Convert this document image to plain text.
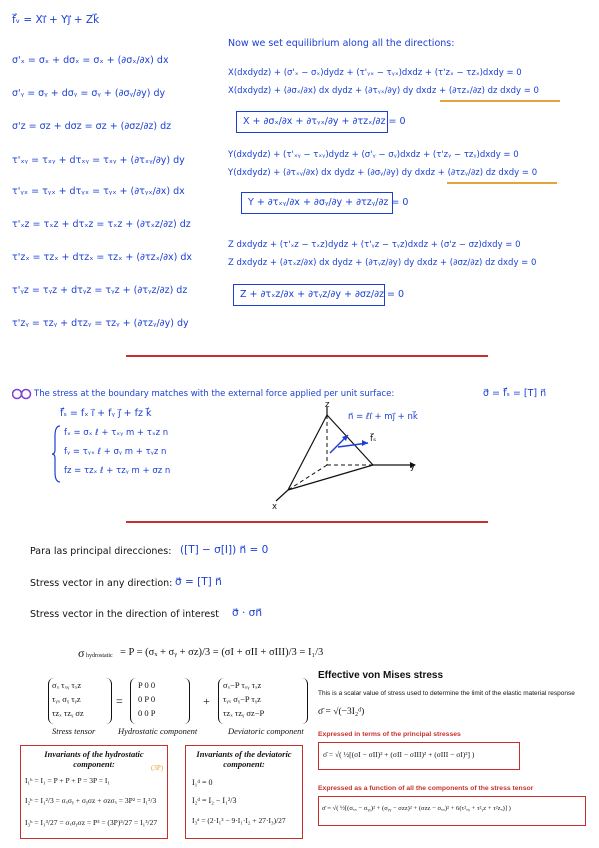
f⃗ᵥ = Xi⃗ + Yj⃗ + Zk⃗
σ'ₓ = σₓ + dσₓ = σₓ + (∂σₓ/∂x) dx
σ'ᵧ = σᵧ + dσᵧ = σᵧ + (∂σᵧ/∂y) dy
σ'z = σz + dσz = σz + (∂σz/∂z) dz
τ'ₓᵧ = τₓᵧ + dτₓᵧ = τₓᵧ + (∂τₓᵧ/∂y) dy
τ'ᵧₓ = τᵧₓ + dτᵧₓ = τᵧₓ + (∂τᵧₓ/∂x) dx
τ'ₓz = τₓz + dτₓz = τₓz + (∂τₓz/∂z) dz
τ'zₓ = τzₓ + dτzₓ = τzₓ + (∂τzₓ/∂x) dx
τ'ᵧz = τᵧz + dτᵧz = τᵧz + (∂τᵧz/∂z) dz
τ'zᵧ = τzᵧ + dτzᵧ = τzᵧ + (∂τzᵧ/∂y) dy
Now we set equilibrium along all the directions:
X(dxdydz) + (σ'ₓ − σₓ)dydz + (τ'ᵧₓ − τᵧₓ)dxdz + (τ'zₓ − τzₓ)dxdy = 0
X(dxdydz) + (∂σₓ/∂x) dx dydz + (∂τᵧₓ/∂y) dy dxdz + (∂τzₓ/∂z) dz dxdy = 0
X + ∂σₓ/∂x + ∂τᵧₓ/∂y + ∂τzₓ/∂z = 0
Y(dxdydz) + (τ'ₓᵧ − τₓᵧ)dydz + (σ'ᵧ − σᵧ)dxdz + (τ'zᵧ − τzᵧ)dxdy = 0
Y(dxdydz) + (∂τₓᵧ/∂x) dx dydz + (∂σᵧ/∂y) dy dxdz + (∂τzᵧ/∂z) dz dxdy = 0
Y + ∂τₓᵧ/∂x + ∂σᵧ/∂y + ∂τzᵧ/∂z = 0
Z dxdydz + (τ'ₓz − τₓz)dydz + (τ'ᵧz − τᵧz)dxdz + (σ'z − σz)dxdy = 0
Z dxdydz + (∂τₓz/∂x) dx dydz + (∂τᵧz/∂y) dy dxdz + (∂σz/∂z) dz dxdy = 0
Z + ∂τₓz/∂x + ∂τᵧz/∂y + ∂σz/∂z = 0
The stress at the boundary matches with the external force applied per unit surface:	σ⃗ = f⃗ₛ = [T] n⃗
f⃗ₛ = fₓ i⃗ + fᵧ j⃗ + fz k⃗
fₓ = σₓ ℓ + τₓᵧ m + τₓz n
fᵧ = τᵧₓ ℓ + σᵧ m + τᵧz n
fz = τzₓ ℓ + τzᵧ m + σz n
z
y
x
n⃗ = ℓi⃗ + mj⃗ + nk⃗
f⃗ₛ
Para las principal direcciones: ([T] − σ[I]) n⃗ = 0
Stress vector in any direction: σ⃗ = [T] n⃗
Stress vector in the direction of interest σ⃗ · σn⃗
σ hydrostatic = P = (σₓ + σᵧ + σz)/3 = (σI + σII + σIII)/3 = I₁/3
σₓ τₓᵧ τₓz
τᵧₓ σᵧ τᵧz
τzₓ τzᵧ σz
=
P 0 0
0 P 0
0 0 P
+
σₓ−P τₓᵧ τₓz
τᵧₓ σᵧ−P τᵧz
τzₓ τzᵧ σz−P
Stress tensor	Hydrostatic component	Deviatoric component
Invariants of the hydrostatic component:
I₁ʰ = I₁ = P + P + P = 3P = I₁
I₂ʰ = I₁²/3 = σₓσᵧ + σᵧσz + σzσₓ = 3P² = I₁²/3
I₃ʰ = I₁³/27 = σₓσᵧσz = P³ = (3P)³/27 = I₁³/27
(3P)
Invariants of the deviatoric component:
I₁ᵈ = 0
I₂ᵈ = I₂ − I₁²/3
I₃ᵈ = (2·I₁³ − 9·I₁·I₂ + 27·I₃)/27
Effective von Mises stress
This is a scalar value of stress used to determine the limit of the elastic material response
σ̄ = √(−3I₂ᵈ)
Expressed in terms of the principal stresses
σ̄ = √( ½[(σI − σII)² + (σII − σIII)² + (σIII − σI)²] )
Expressed as a function of all the components of the stress tensor
σ̄ = √( ½[(σₓₓ − σᵧᵧ)² + (σᵧᵧ − σzz)² + (σzz − σₓₓ)² + 6(τ²ₓᵧ + τ²ᵧz + τ²zₓ)] )
